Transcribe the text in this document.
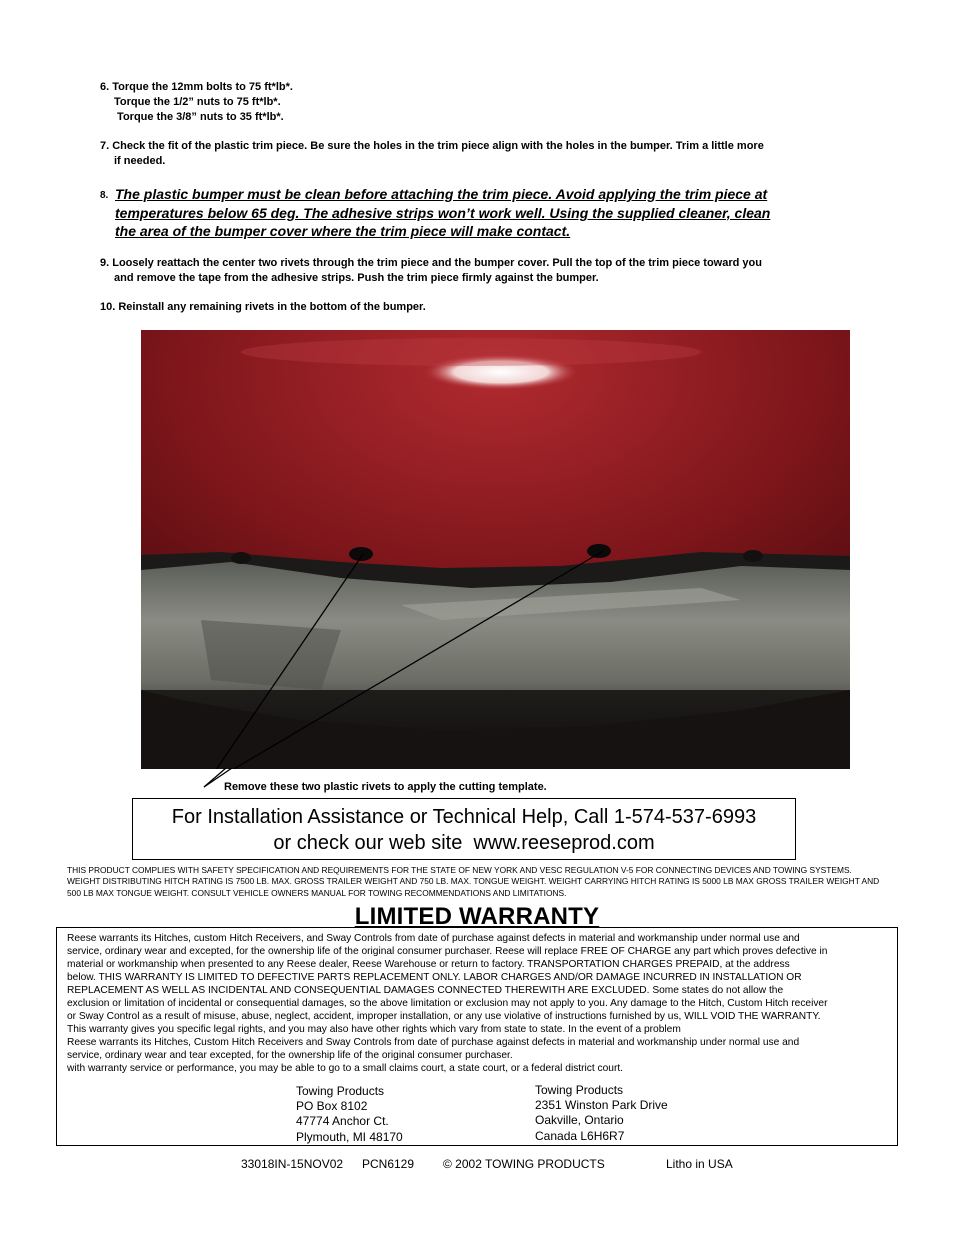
6. Torque the 12mm bolts to 75 ft*lb*.
Torque the 1/2” nuts to 75 ft*lb*.
Torque the 3/8” nuts to 35 ft*lb*.
7. Check the fit of the plastic trim piece. Be sure the holes in the trim piece align with the holes in the bumper. Trim a little more
if needed.
8. The plastic bumper must be clean before attaching the trim piece. Avoid applying the trim piece at
temperatures below 65 deg. The adhesive strips won’t work well. Using the supplied cleaner, clean
the area of the bumper cover where the trim piece will make contact.
9. Loosely reattach the center two rivets through the trim piece and the bumper cover. Pull the top of the trim piece toward you
and remove the tape from the adhesive strips. Push the trim piece firmly against the bumper.
10. Reinstall any remaining rivets in the bottom of the bumper.
Remove these two plastic rivets to apply the cutting template.
For Installation Assistance or Technical Help, Call 1-574-537-6993
or check our web site  www.reeseprod.com
THIS PRODUCT COMPLIES WITH SAFETY SPECIFICATION AND REQUIREMENTS FOR THE STATE OF NEW YORK AND VESC REGULATION V-5 FOR CONNECTING DEVICES AND TOWING SYSTEMS. WEIGHT DISTRIBUTING HITCH RATING IS 7500 LB. MAX. GROSS TRAILER WEIGHT AND 750 LB. MAX. TONGUE WEIGHT. WEIGHT CARRYING HITCH RATING IS 5000 LB MAX GROSS TRAILER WEIGHT AND 500 LB MAX TONGUE WEIGHT. CONSULT VEHICLE OWNERS MANUAL FOR TOWING RECOMMENDATIONS AND LIMITATIONS.
LIMITED WARRANTY
Reese warrants its Hitches, custom Hitch Receivers, and Sway Controls from date of purchase against defects in material and workmanship under normal use and
service, ordinary wear and excepted, for the ownership life of the original consumer purchaser. Reese will replace FREE OF CHARGE any part which proves defective in
material or workmanship when presented to any Reese dealer, Reese Warehouse or return to factory. TRANSPORTATION CHARGES PREPAID, at the address
below. THIS WARRANTY IS LIMITED TO DEFECTIVE PARTS REPLACEMENT ONLY. LABOR CHARGES AND/OR DAMAGE INCURRED IN INSTALLATION OR
REPLACEMENT AS WELL AS INCIDENTAL AND CONSEQUENTIAL DAMAGES CONNECTED THEREWITH ARE EXCLUDED. Some states do not allow the
exclusion or limitation of incidental or consequential damages, so the above limitation or exclusion may not apply to you. Any damage to the Hitch, Custom Hitch receiver
or Sway Control as a result of misuse, abuse, neglect, accident, improper installation, or any use violative of instructions furnished by us, WILL VOID THE WARRANTY.
This warranty gives you specific legal rights, and you may also have other rights which vary from state to state. In the event of a problem
Reese warrants its Hitches, Custom Hitch Receivers and Sway Controls from date of purchase against defects in material and workmanship under normal use and
service, ordinary wear and tear excepted, for the ownership life of the original consumer purchaser.
with warranty service or performance, you may be able to go to a small claims court, a state court, or a federal district court.
Towing Products
PO Box 8102
47774 Anchor Ct.
Plymouth, MI 48170
Towing Products
2351 Winston Park Drive
Oakville, Ontario
Canada L6H6R7
33018IN-15NOV02 PCN6129 © 2002 TOWING PRODUCTS	Litho in USA
